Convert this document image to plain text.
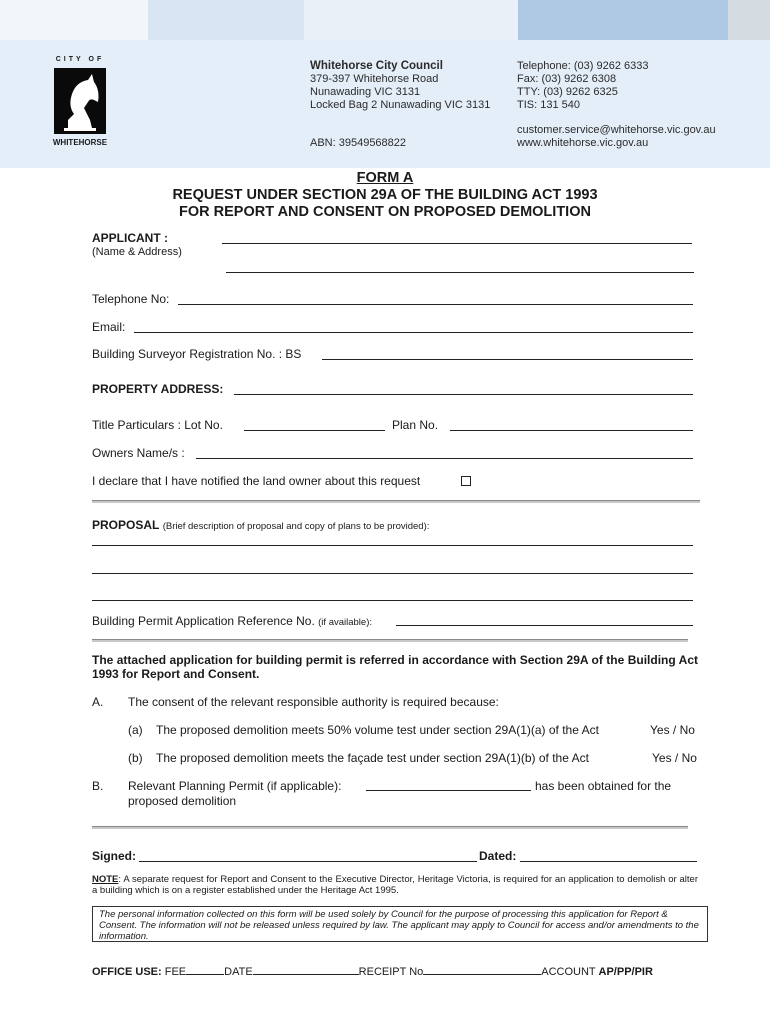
CITY OF
WHITEHORSE
Whitehorse City Council
379-397 Whitehorse Road
Nunawading VIC 3131
Locked Bag 2 Nunawading VIC 3131
ABN: 39549568822
Telephone: (03) 9262 6333
Fax: (03) 9262 6308
TTY: (03) 9262 6325
TIS: 131 540
customer.service@whitehorse.vic.gov.au
www.whitehorse.vic.gov.au
FORM A
REQUEST UNDER SECTION 29A OF THE BUILDING ACT 1993
FOR REPORT AND CONSENT ON PROPOSED DEMOLITION
APPLICANT :
(Name & Address)
Telephone No:
Email:
Building Surveyor Registration No. : BS
PROPERTY ADDRESS:
Title Particulars : Lot No.	Plan No.
Owners Name/s :
I declare that I have notified the land owner about this request
PROPOSAL (Brief description of proposal and copy of plans to be provided):
Building Permit Application Reference No. (if available):
The attached application for building permit is referred in accordance with Section 29A of the Building Act 1993 for Report and Consent.
A. The consent of the relevant responsible authority is required because:
(a) The proposed demolition meets 50% volume test under section 29A(1)(a) of the Act	Yes / No
(b) The proposed demolition meets the façade test under section 29A(1)(b) of the Act	Yes / No
B. Relevant Planning Permit (if applicable):	has been obtained for the
proposed demolition
Signed:	Dated:
NOTE: A separate request for Report and Consent to the Executive Director, Heritage Victoria, is required for an application to demolish or alter a building which is on a register established under the Heritage Act 1995.
The personal information collected on this form will be used solely by Council for the purpose of processing this application for Report & Consent. The information will not be released unless required by law. The applicant may apply to Council for access and/or amendments to the information.
OFFICE USE: FEE	DATE	RECEIPT No	ACCOUNT AP/PP/PIR
